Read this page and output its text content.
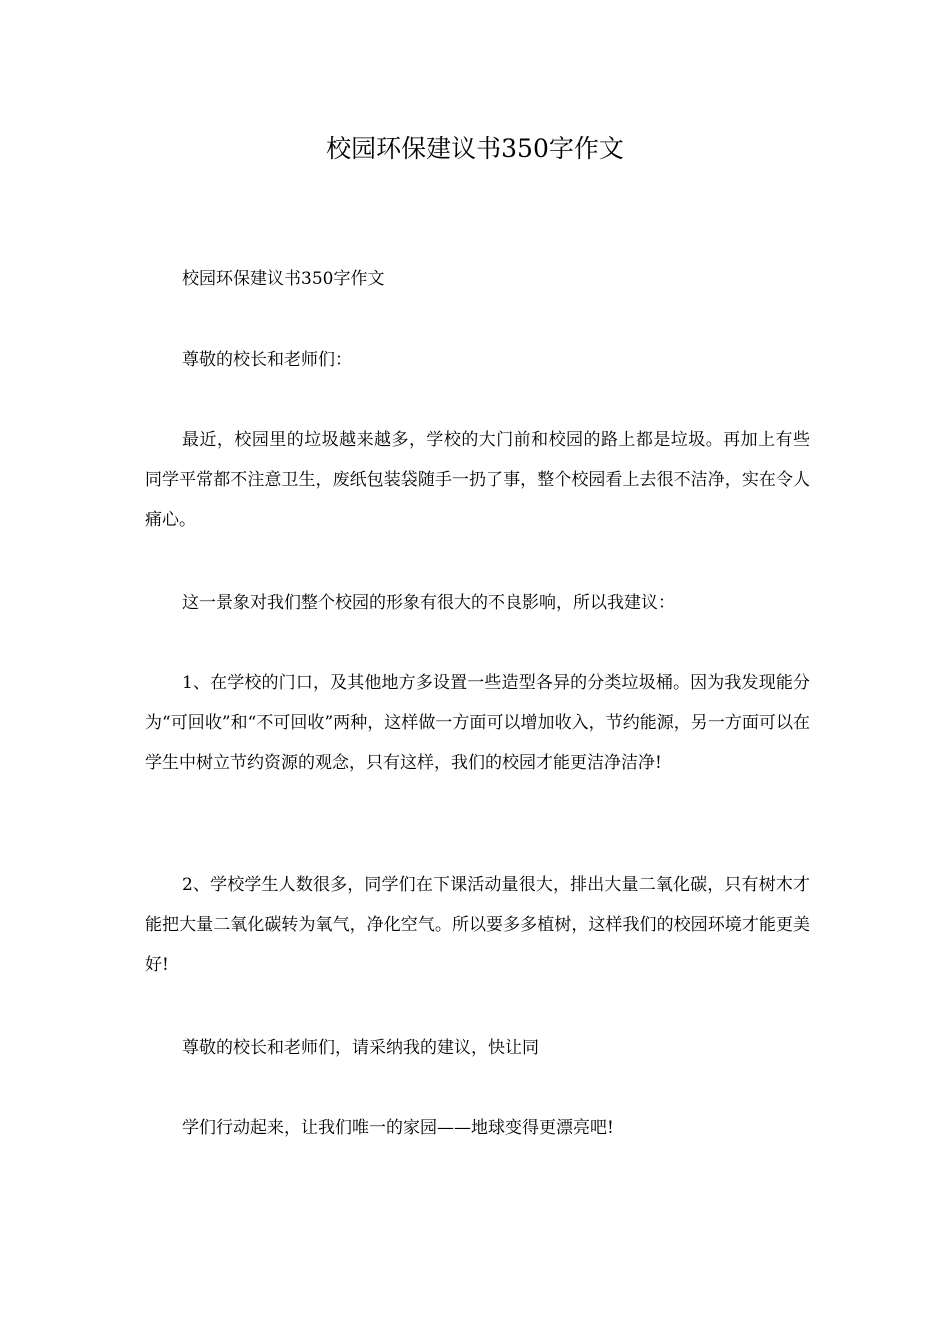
校园环保建议书350字作文

校园环保建议书350字作文

尊敬的校长和老师们：

最近，校园里的垃圾越来越多，学校的大门前和校园的路上都是垃圾。再加上有些同学平常都不注意卫生，废纸包装袋随手一扔了事，整个校园看上去很不洁净，实在令人痛心。

这一景象对我们整个校园的形象有很大的不良影响，所以我建议：

1、在学校的门口，及其他地方多设置一些造型各异的分类垃圾桶。因为我发现能分为“可回收”和“不可回收”两种，这样做一方面可以增加收入，节约能源，另一方面可以在学生中树立节约资源的观念，只有这样，我们的校园才能更洁净洁净!

2、学校学生人数很多，同学们在下课活动量很大，排出大量二氧化碳，只有树木才能把大量二氧化碳转为氧气，净化空气。所以要多多植树，这样我们的校园环境才能更美好!

尊敬的校长和老师们，请采纳我的建议，快让同

学们行动起来，让我们唯一的家园——地球变得更漂亮吧!
